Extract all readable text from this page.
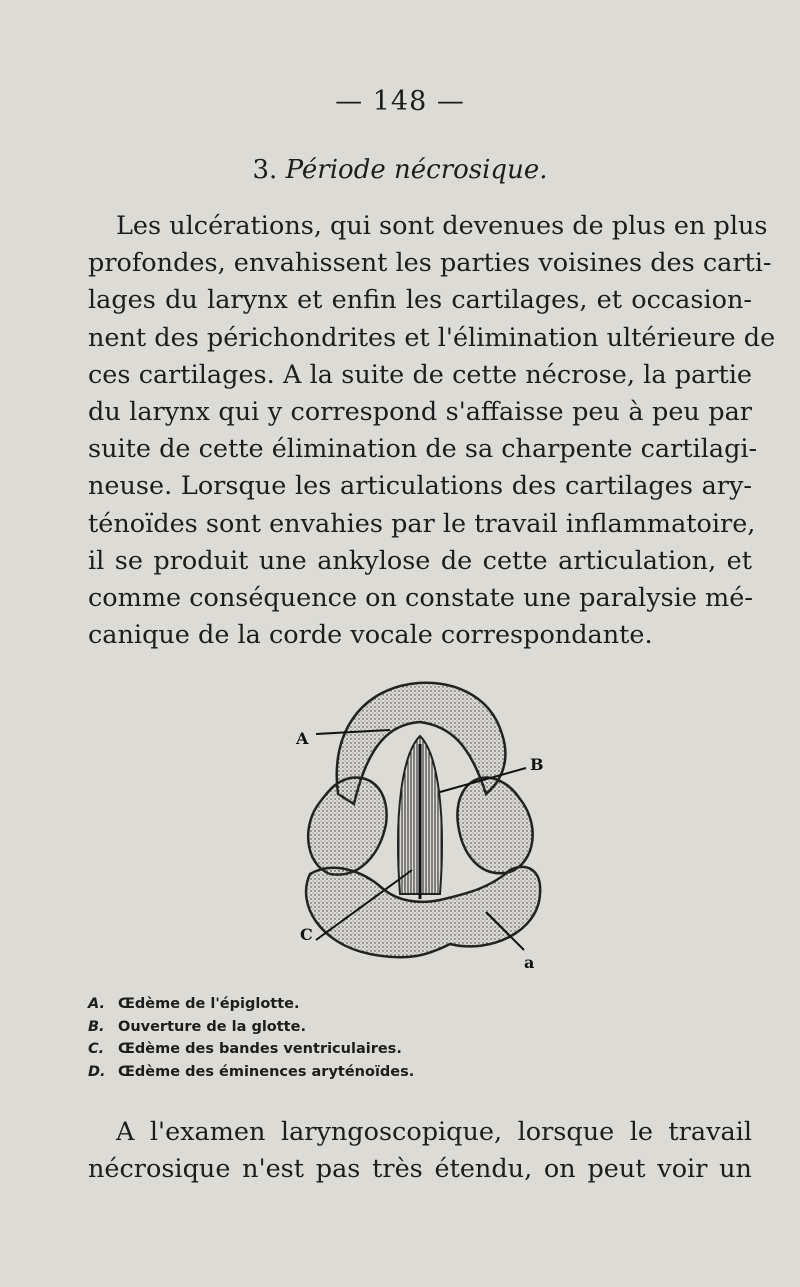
— 148 —
3. Période nécrosique.
Les ulcérations, qui sont devenues de plus en plus
profondes, envahissent les parties voisines des carti-
lages du larynx et enfin les cartilages, et occasion-
nent des périchondrites et l'élimination ultérieure de
ces cartilages. A la suite de cette nécrose, la partie
du larynx qui y correspond s'affaisse peu à peu par
suite de cette élimination de sa charpente cartilagi-
neuse. Lorsque les articulations des cartilages ary-
ténoïdes sont envahies par le travail inflammatoire,
il se produit une ankylose de cette articulation, et
comme conséquence on constate une paralysie mé-
canique de la corde vocale correspondante.
A
B
C
a
A. Œdème de l'épiglotte.
B. Ouverture de la glotte.
C. Œdème des bandes ventriculaires.
D. Œdème des éminences aryténoïdes.
A l'examen laryngoscopique, lorsque le travail
nécrosique n'est pas très étendu, on peut voir un
